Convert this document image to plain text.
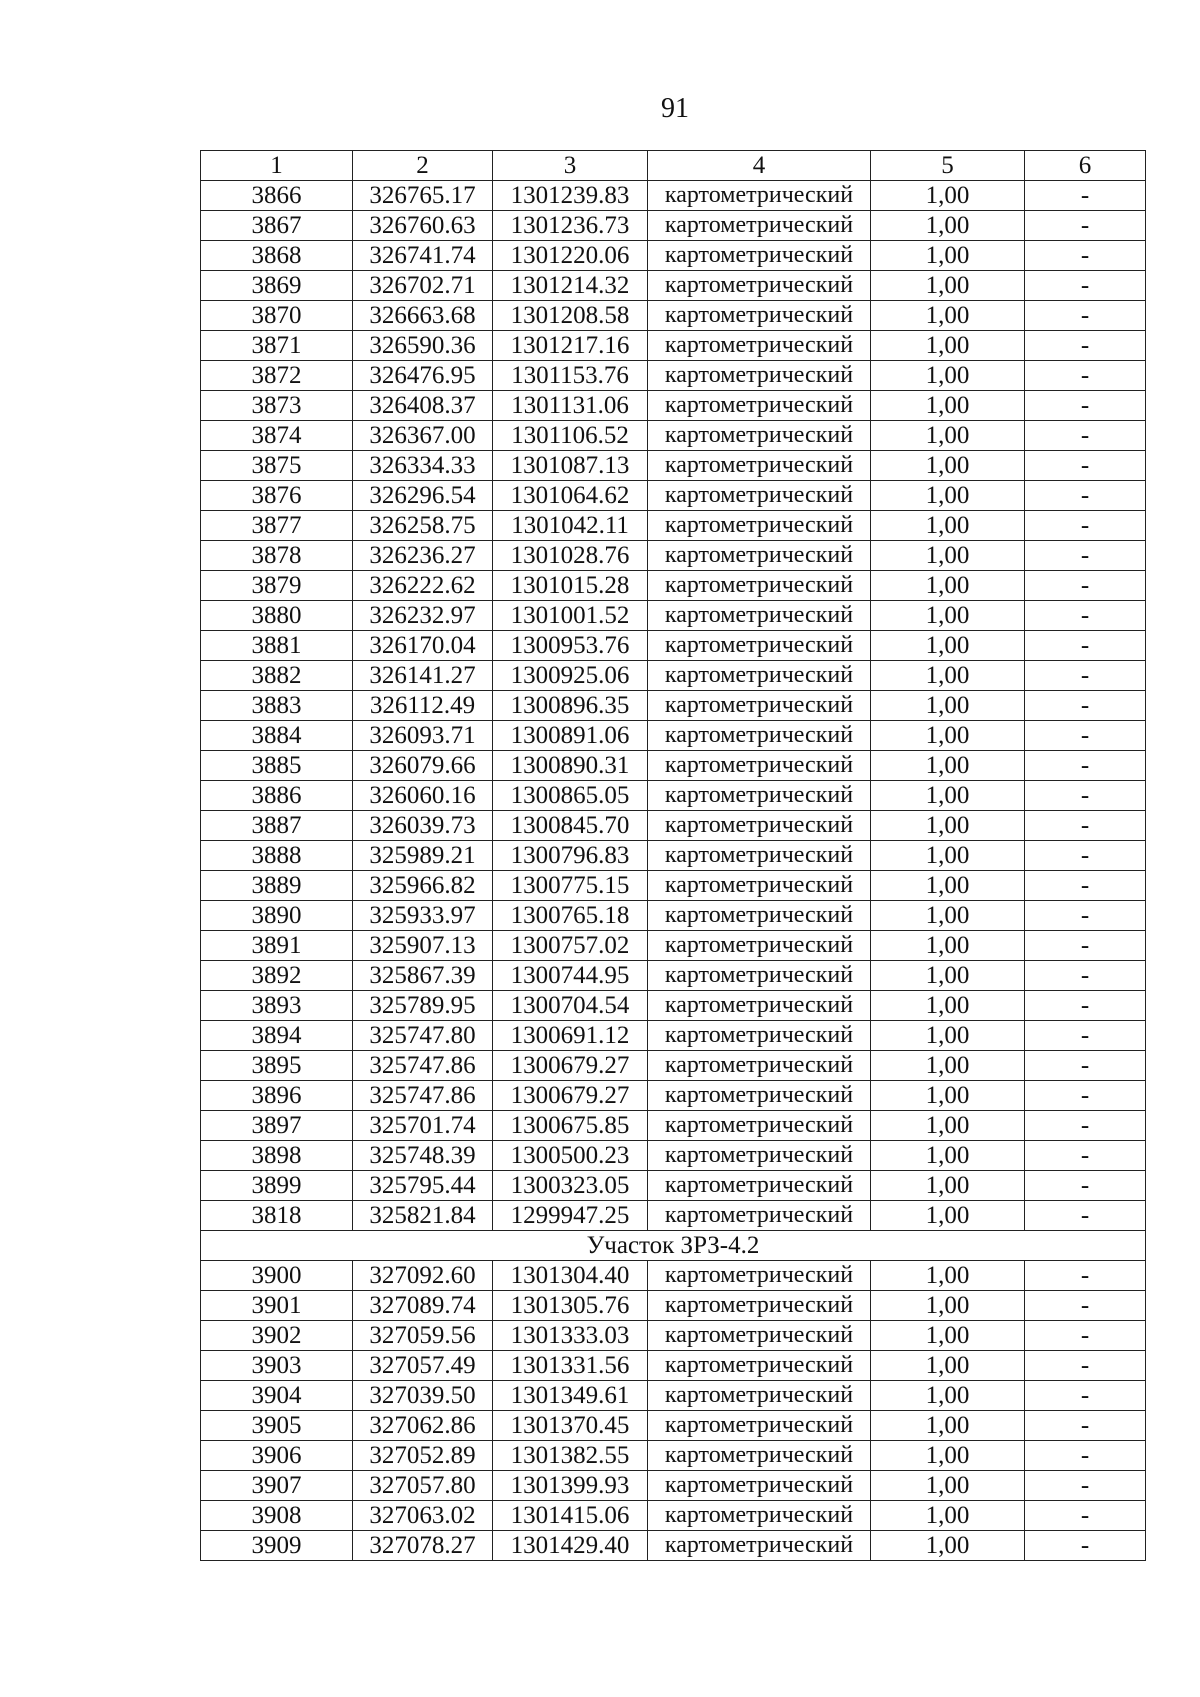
91
1	2	3	4	5	6
3866	326765.17	1301239.83	картометрический	1,00	-
3867	326760.63	1301236.73	картометрический	1,00	-
3868	326741.74	1301220.06	картометрический	1,00	-
3869	326702.71	1301214.32	картометрический	1,00	-
3870	326663.68	1301208.58	картометрический	1,00	-
3871	326590.36	1301217.16	картометрический	1,00	-
3872	326476.95	1301153.76	картометрический	1,00	-
3873	326408.37	1301131.06	картометрический	1,00	-
3874	326367.00	1301106.52	картометрический	1,00	-
3875	326334.33	1301087.13	картометрический	1,00	-
3876	326296.54	1301064.62	картометрический	1,00	-
3877	326258.75	1301042.11	картометрический	1,00	-
3878	326236.27	1301028.76	картометрический	1,00	-
3879	326222.62	1301015.28	картометрический	1,00	-
3880	326232.97	1301001.52	картометрический	1,00	-
3881	326170.04	1300953.76	картометрический	1,00	-
3882	326141.27	1300925.06	картометрический	1,00	-
3883	326112.49	1300896.35	картометрический	1,00	-
3884	326093.71	1300891.06	картометрический	1,00	-
3885	326079.66	1300890.31	картометрический	1,00	-
3886	326060.16	1300865.05	картометрический	1,00	-
3887	326039.73	1300845.70	картометрический	1,00	-
3888	325989.21	1300796.83	картометрический	1,00	-
3889	325966.82	1300775.15	картометрический	1,00	-
3890	325933.97	1300765.18	картометрический	1,00	-
3891	325907.13	1300757.02	картометрический	1,00	-
3892	325867.39	1300744.95	картометрический	1,00	-
3893	325789.95	1300704.54	картометрический	1,00	-
3894	325747.80	1300691.12	картометрический	1,00	-
3895	325747.86	1300679.27	картометрический	1,00	-
3896	325747.86	1300679.27	картометрический	1,00	-
3897	325701.74	1300675.85	картометрический	1,00	-
3898	325748.39	1300500.23	картометрический	1,00	-
3899	325795.44	1300323.05	картометрический	1,00	-
3818	325821.84	1299947.25	картометрический	1,00	-
Участок ЗРЗ-4.2					
3900	327092.60	1301304.40	картометрический	1,00	-
3901	327089.74	1301305.76	картометрический	1,00	-
3902	327059.56	1301333.03	картометрический	1,00	-
3903	327057.49	1301331.56	картометрический	1,00	-
3904	327039.50	1301349.61	картометрический	1,00	-
3905	327062.86	1301370.45	картометрический	1,00	-
3906	327052.89	1301382.55	картометрический	1,00	-
3907	327057.80	1301399.93	картометрический	1,00	-
3908	327063.02	1301415.06	картометрический	1,00	-
3909	327078.27	1301429.40	картометрический	1,00	-
